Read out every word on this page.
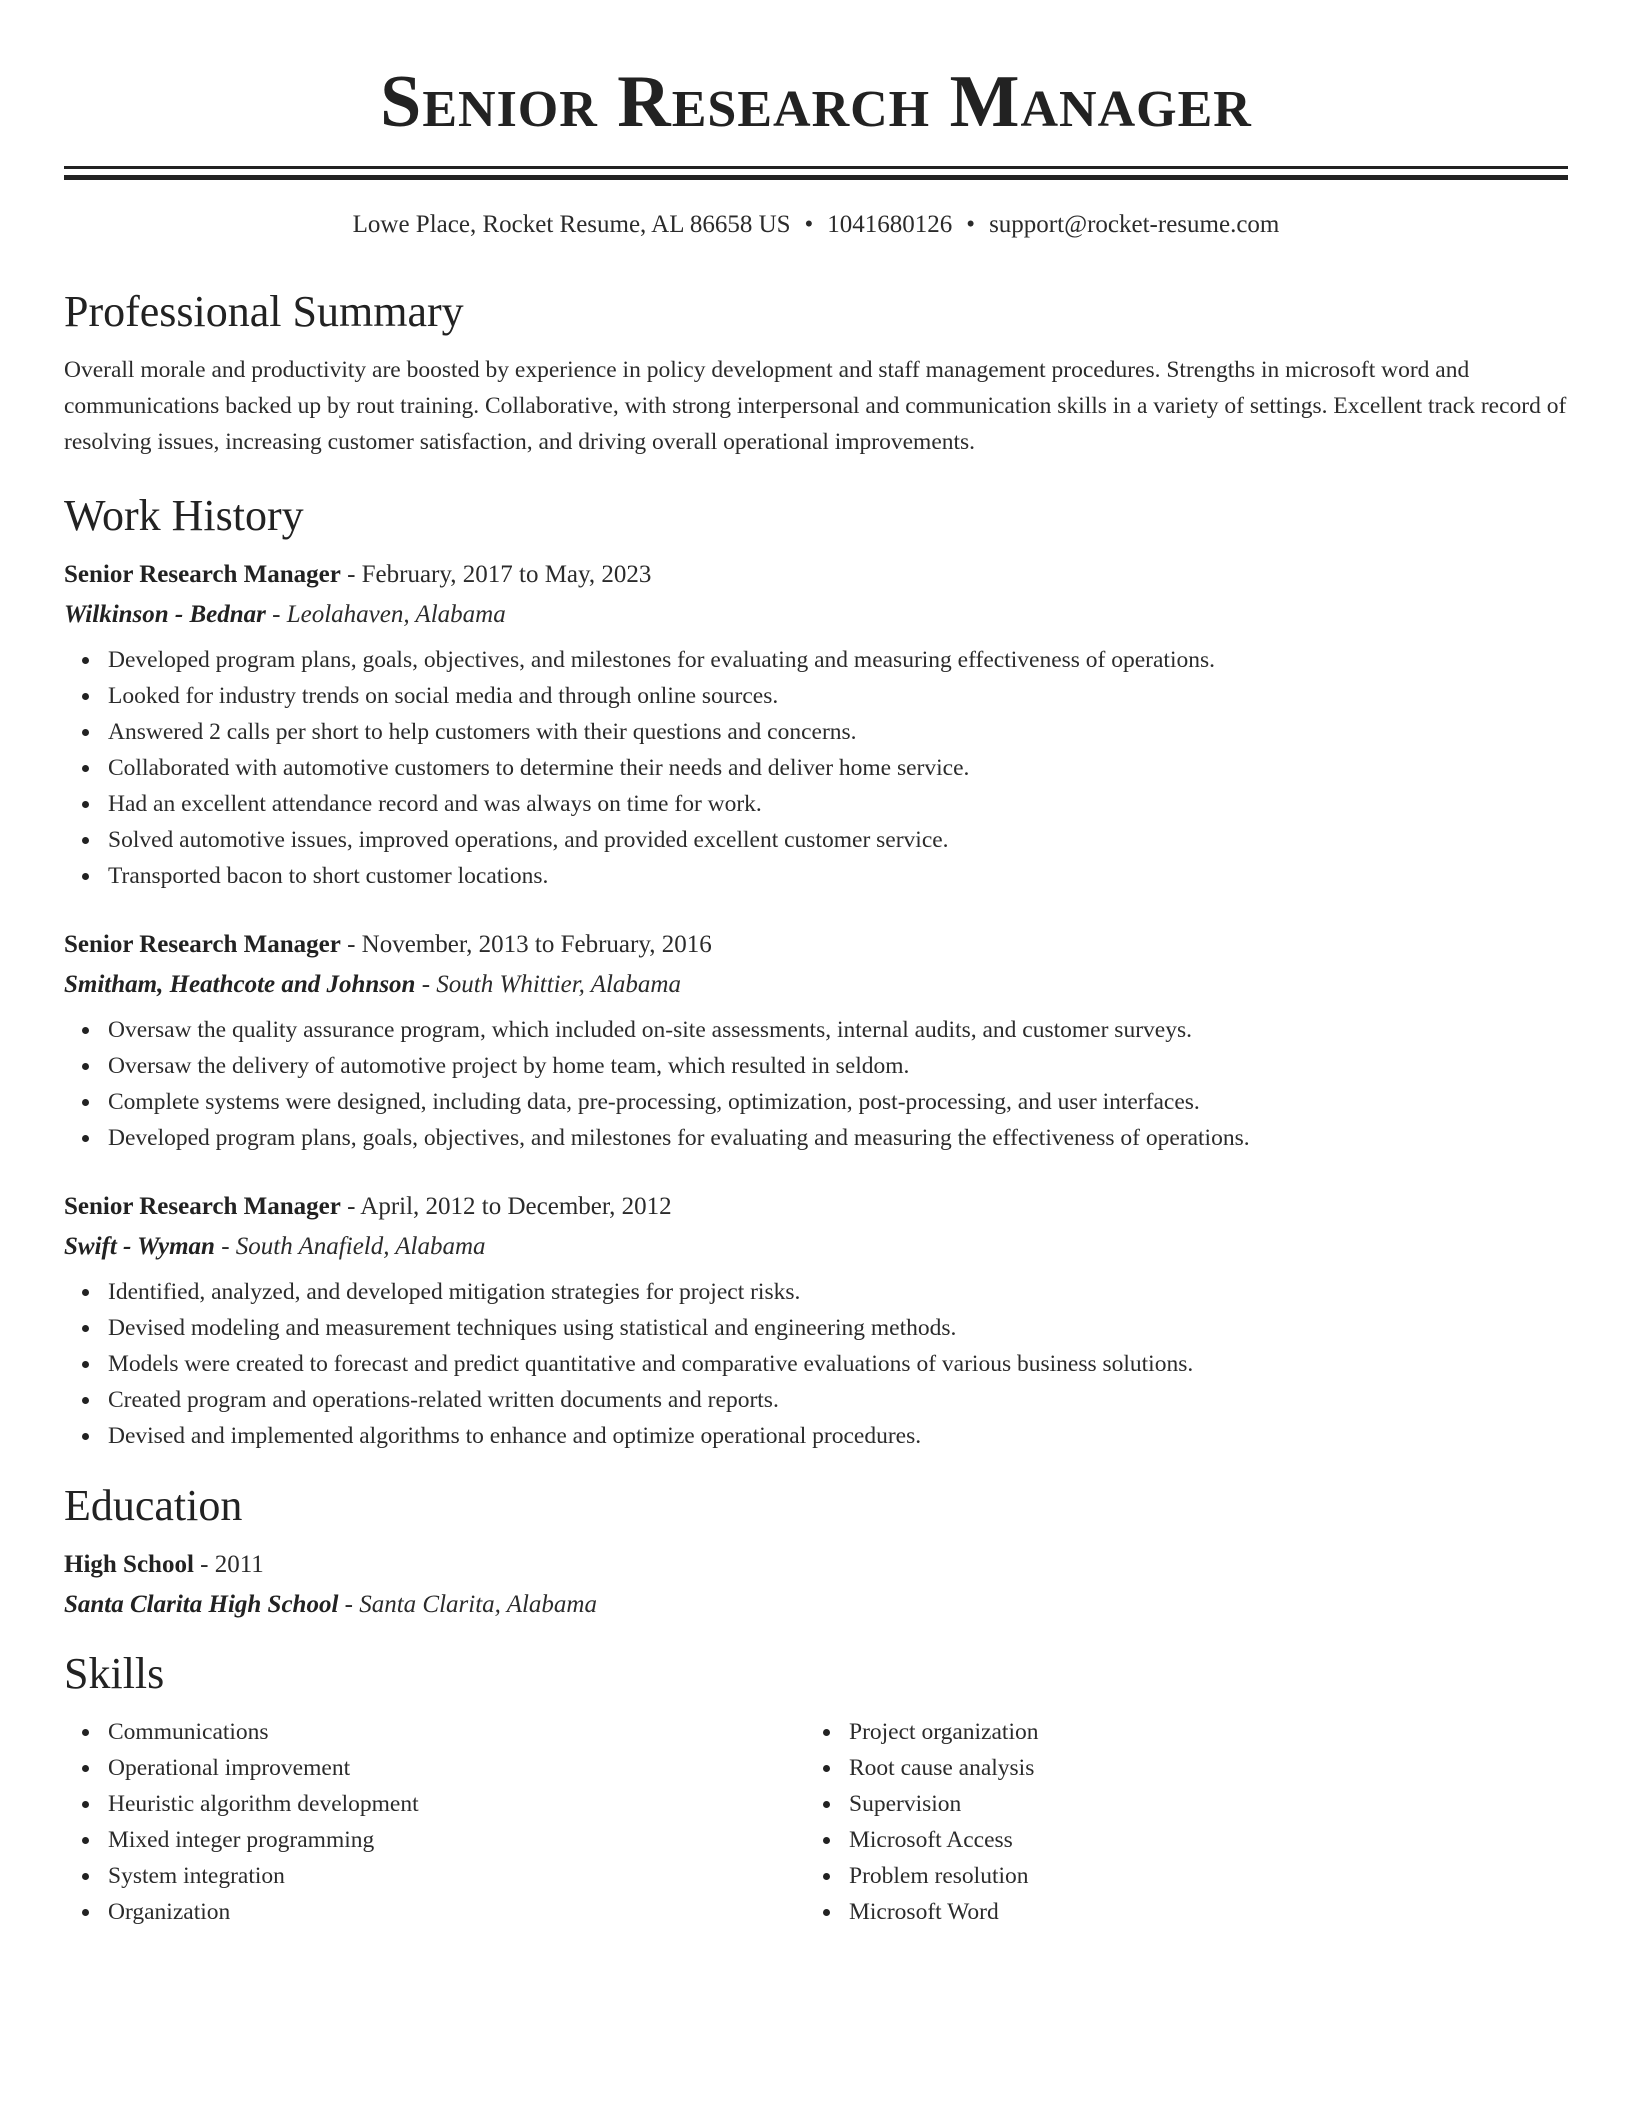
Senior Research Manager
Lowe Place, Rocket Resume, AL 86658 US • 1041680126 • support@rocket-resume.com
Professional Summary

Overall morale and productivity are boosted by experience in policy development and staff management procedures. Strengths in microsoft word and communications backed up by rout training. Collaborative, with strong interpersonal and communication skills in a variety of settings. Excellent track record of resolving issues, increasing customer satisfaction, and driving overall operational improvements.

Work History
Senior Research Manager - February, 2017 to May, 2023
Wilkinson - Bednar - Leolahaven, Alabama
Developed program plans, goals, objectives, and milestones for evaluating and measuring effectiveness of operations.
Looked for industry trends on social media and through online sources.
Answered 2 calls per short to help customers with their questions and concerns.
Collaborated with automotive customers to determine their needs and deliver home service.
Had an excellent attendance record and was always on time for work.
Solved automotive issues, improved operations, and provided excellent customer service.
Transported bacon to short customer locations.
Senior Research Manager - November, 2013 to February, 2016
Smitham, Heathcote and Johnson - South Whittier, Alabama
Oversaw the quality assurance program, which included on-site assessments, internal audits, and customer surveys.
Oversaw the delivery of automotive project by home team, which resulted in seldom.
Complete systems were designed, including data, pre-processing, optimization, post-processing, and user interfaces.
Developed program plans, goals, objectives, and milestones for evaluating and measuring the effectiveness of operations.
Senior Research Manager - April, 2012 to December, 2012
Swift - Wyman - South Anafield, Alabama
Identified, analyzed, and developed mitigation strategies for project risks.
Devised modeling and measurement techniques using statistical and engineering methods.
Models were created to forecast and predict quantitative and comparative evaluations of various business solutions.
Created program and operations-related written documents and reports.
Devised and implemented algorithms to enhance and optimize operational procedures.
Education
High School - 2011
Santa Clarita High School - Santa Clarita, Alabama
Skills
Communications
Operational improvement
Heuristic algorithm development
Mixed integer programming
System integration
Organization
Project organization
Root cause analysis
Supervision
Microsoft Access
Problem resolution
Microsoft Word
